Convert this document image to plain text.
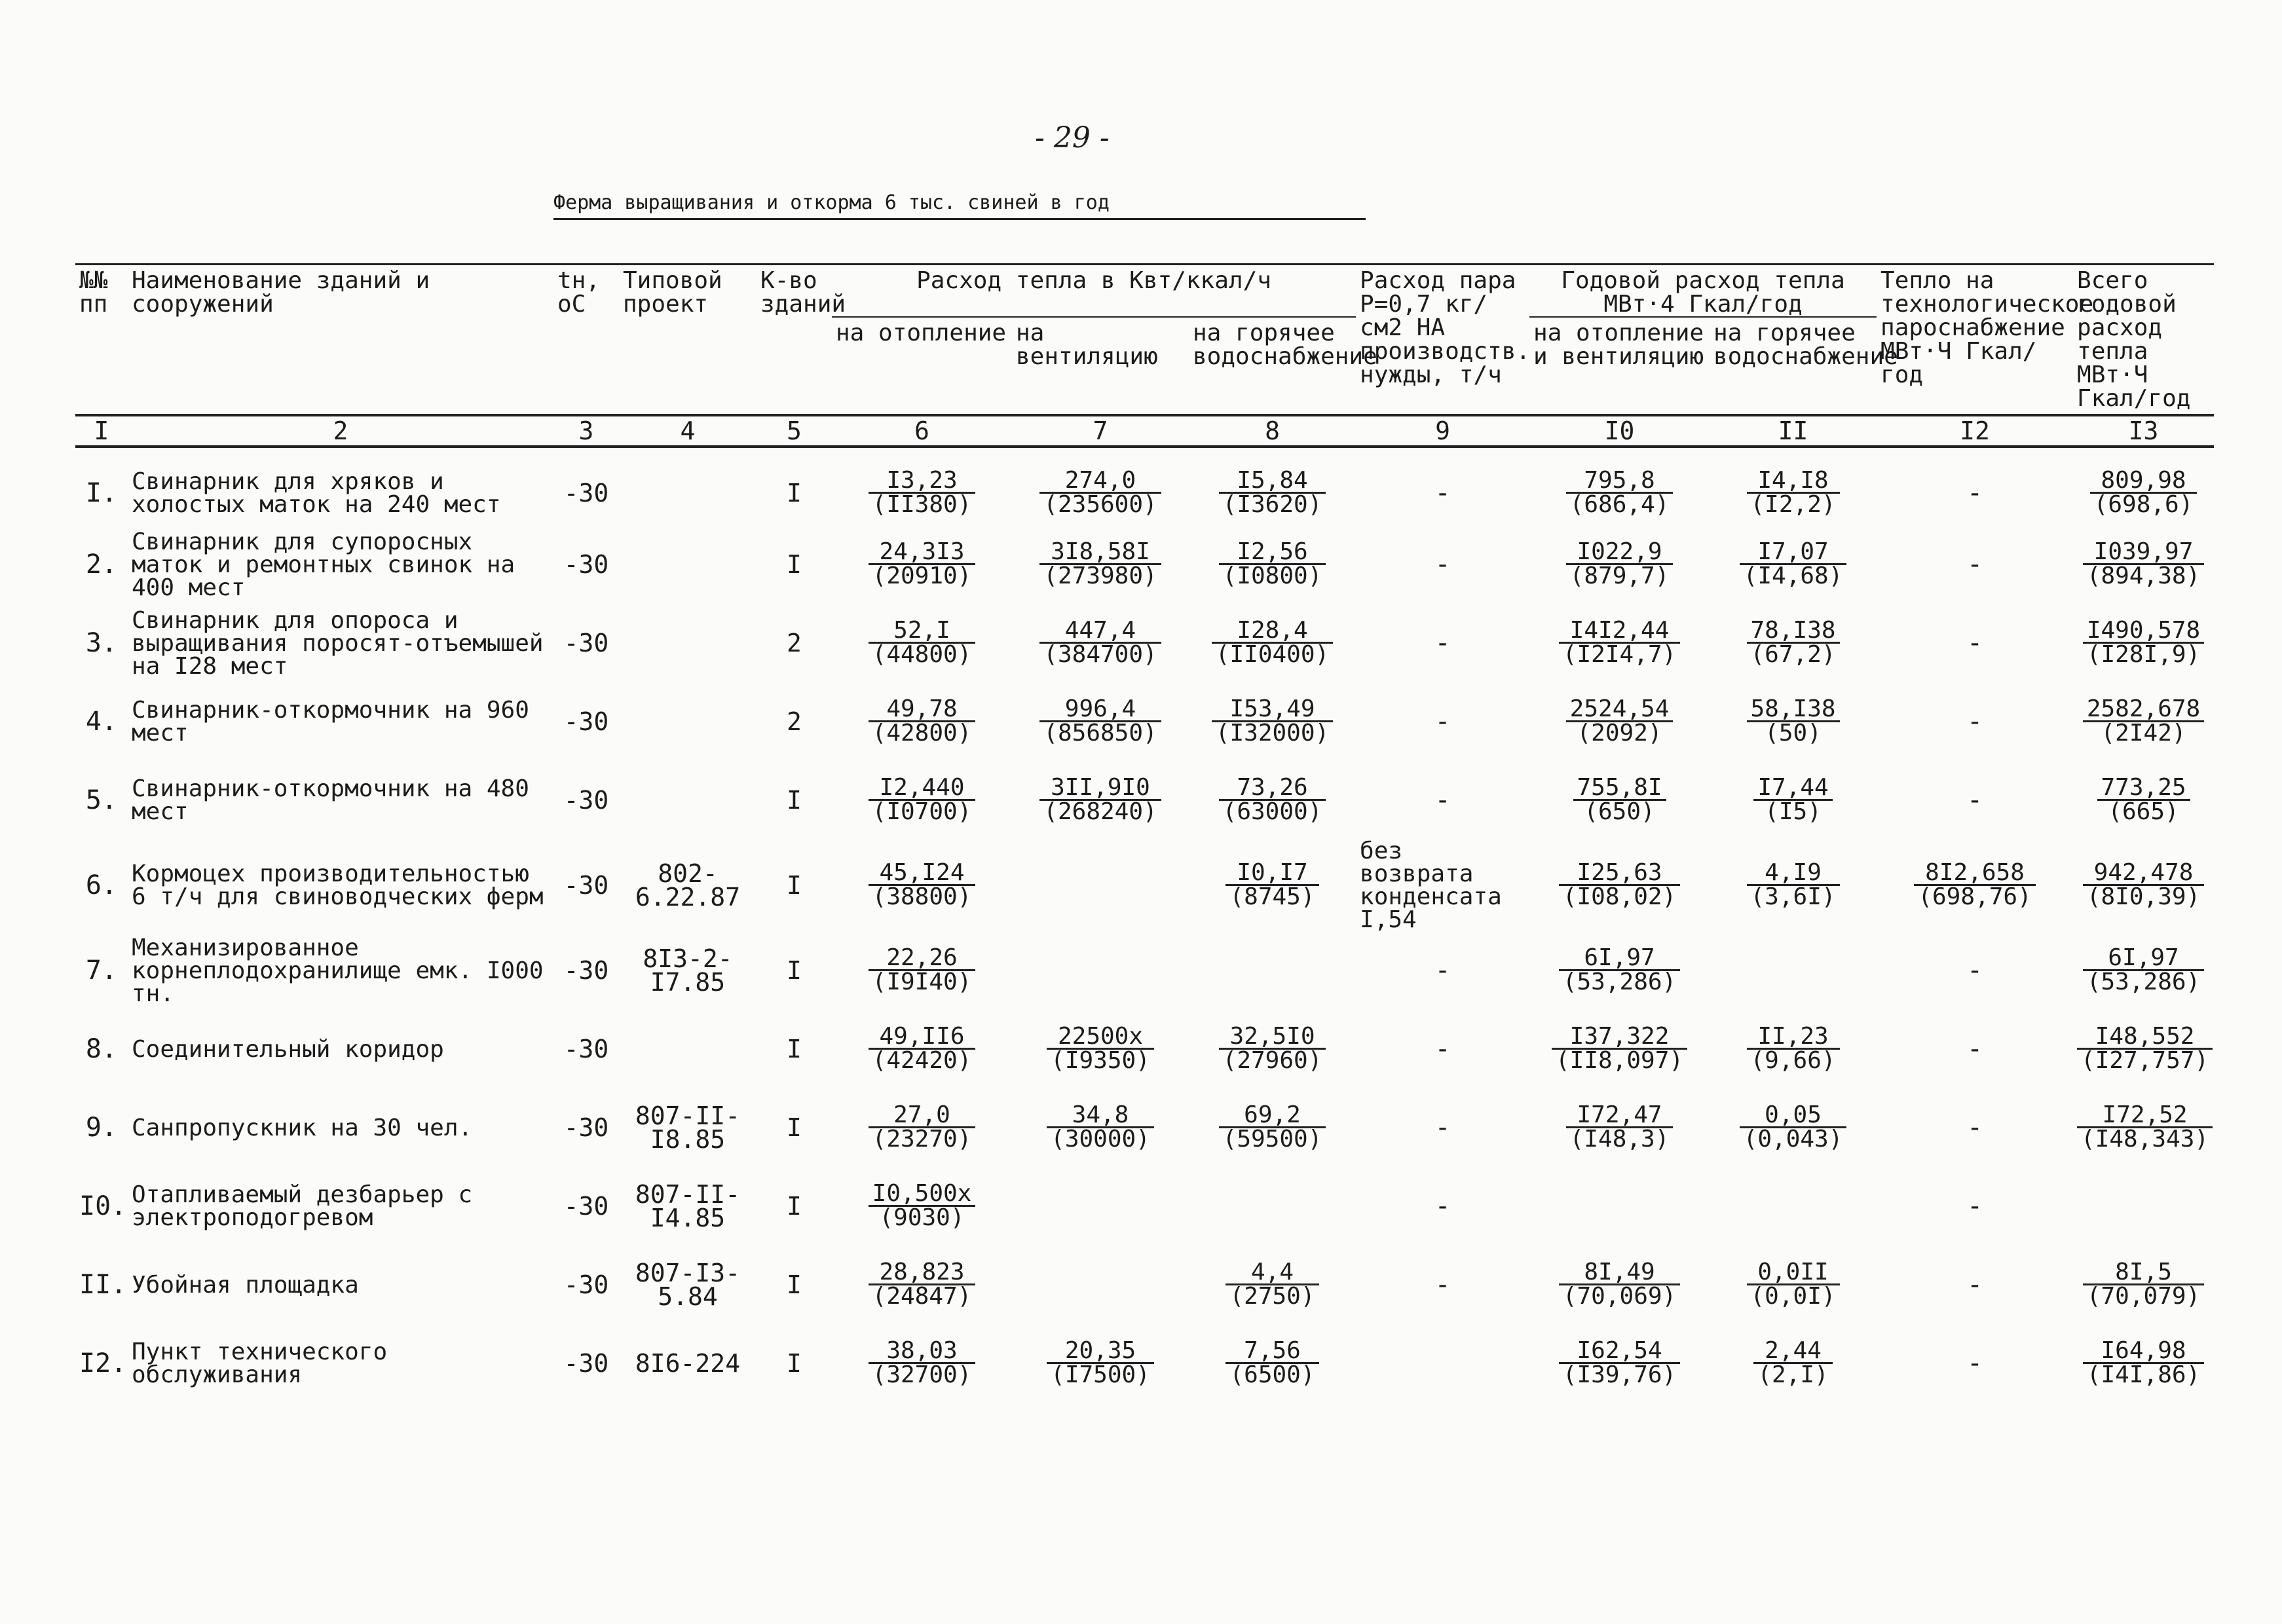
- 29 -
Ферма выращивания и откорма 6 тыс. свиней в год
№№ пп	Наименование зданий и сооружений	tн, оС	Типовой проект	К-во зданий	Расход тепла в Квт/ккал/ч			Расход пара Р=0,7 кг/см2 НА производств. нужды, т/ч	Годовой расход тепла МВт·4 Гкал/год		Тепло на технологическое пароснабжение МВт·Ч Гкал/год	Всего годовой расход тепла МВт·Ч Гкал/год
					на отопление	на вентиляцию	на горячее водоснабжение		на отопление и вентиляцию	на горячее водоснабжение		
I	2	3	4	5	6	7	8	9	I0	II	I2	I3
I.	Свинарник для хряков и холостых маток на 240 мест	-30		I	$\frac{I3,23}{(II380)}$	$\frac{274,0}{(235600)}$	$\frac{I5,84}{(I3620)}$	-	$\frac{795,8}{(686,4)}$	$\frac{I4,I8}{(I2,2)}$	-	$\frac{809,98}{(698,6)}$

2.	Свинарник для супоросных маток и ремонтных свинок на 400 мест	-30		I	$\frac{24,3I3}{(20910)}$	$\frac{3I8,58I}{(273980)}$	$\frac{I2,56}{(I0800)}$	-	$\frac{I022,9}{(879,7)}$	$\frac{I7,07}{(I4,68)}$	-	$\frac{I039,97}{(894,38)}$

3.	Свинарник для опороса и выращивания поросят-отъемышей на I28 мест	-30		2	$\frac{52,I}{(44800)}$	$\frac{447,4}{(384700)}$	$\frac{I28,4}{(II0400)}$	-	$\frac{I4I2,44}{(I2I4,7)}$	$\frac{78,I38}{(67,2)}$	-	$\frac{I490,578}{(I28I,9)}$

4.	Свинарник-откормочник на 960 мест	-30		2	$\frac{49,78}{(42800)}$	$\frac{996,4}{(856850)}$	$\frac{I53,49}{(I32000)}$	-	$\frac{2524,54}{(2092)}$	$\frac{58,I38}{(50)}$	-	$\frac{2582,678}{(2I42)}$

5.	Свинарник-откормочник на 480 мест	-30		I	$\frac{I2,440}{(I0700)}$	$\frac{3II,9I0}{(268240)}$	$\frac{73,26}{(63000)}$	-	$\frac{755,8I}{(650)}$	$\frac{I7,44}{(I5)}$	-	$\frac{773,25}{(665)}$

6.	Кормоцех производительностью 6 т/ч для свиноводческих ферм	-30	802-6.22.87	I	$\frac{45,I24}{(38800)}$		$\frac{I0,I7}{(8745)}$	без возврата конденсата I,54	$\frac{I25,63}{(I08,02)}$	$\frac{4,I9}{(3,6I)}$	$\frac{8I2,658}{(698,76)}$	$\frac{942,478}{(8I0,39)}$

7.	Механизированное корнеплодохранилище емк. I000 тн.	-30	8I3-2-I7.85	I	$\frac{22,26}{(I9I40)}$			-	$\frac{6I,97}{(53,286)}$		-	$\frac{6I,97}{(53,286)}$

8.	Соединительный коридор	-30		I	$\frac{49,II6}{(42420)}$	$\frac{22500х}{(I9350)}$	$\frac{32,5I0}{(27960)}$	-	$\frac{I37,322}{(II8,097)}$	$\frac{II,23}{(9,66)}$	-	$\frac{I48,552}{(I27,757)}$

9.	Санпропускник на 30 чел.	-30	807-II-I8.85	I	$\frac{27,0}{(23270)}$	$\frac{34,8}{(30000)}$	$\frac{69,2}{(59500)}$	-	$\frac{I72,47}{(I48,3)}$	$\frac{0,05}{(0,043)}$	-	$\frac{I72,52}{(I48,343)}$

I0.	Отапливаемый дезбарьер с электроподогревом	-30	807-II-I4.85	I	$\frac{I0,500х}{(9030)}$			-			-	
II.	Убойная площадка	-30	807-I3-5.84	I	$\frac{28,823}{(24847)}$		$\frac{4,4}{(2750)}$	-	$\frac{8I,49}{(70,069)}$	$\frac{0,0II}{(0,0I)}$	-	$\frac{8I,5}{(70,079)}$

I2.	Пункт технического обслуживания	-30	8I6-224	I	$\frac{38,03}{(32700)}$	$\frac{20,35}{(I7500)}$	$\frac{7,56}{(6500)}$		$\frac{I62,54}{(I39,76)}$	$\frac{2,44}{(2,I)}$	-	$\frac{I64,98}{(I4I,86)}$
